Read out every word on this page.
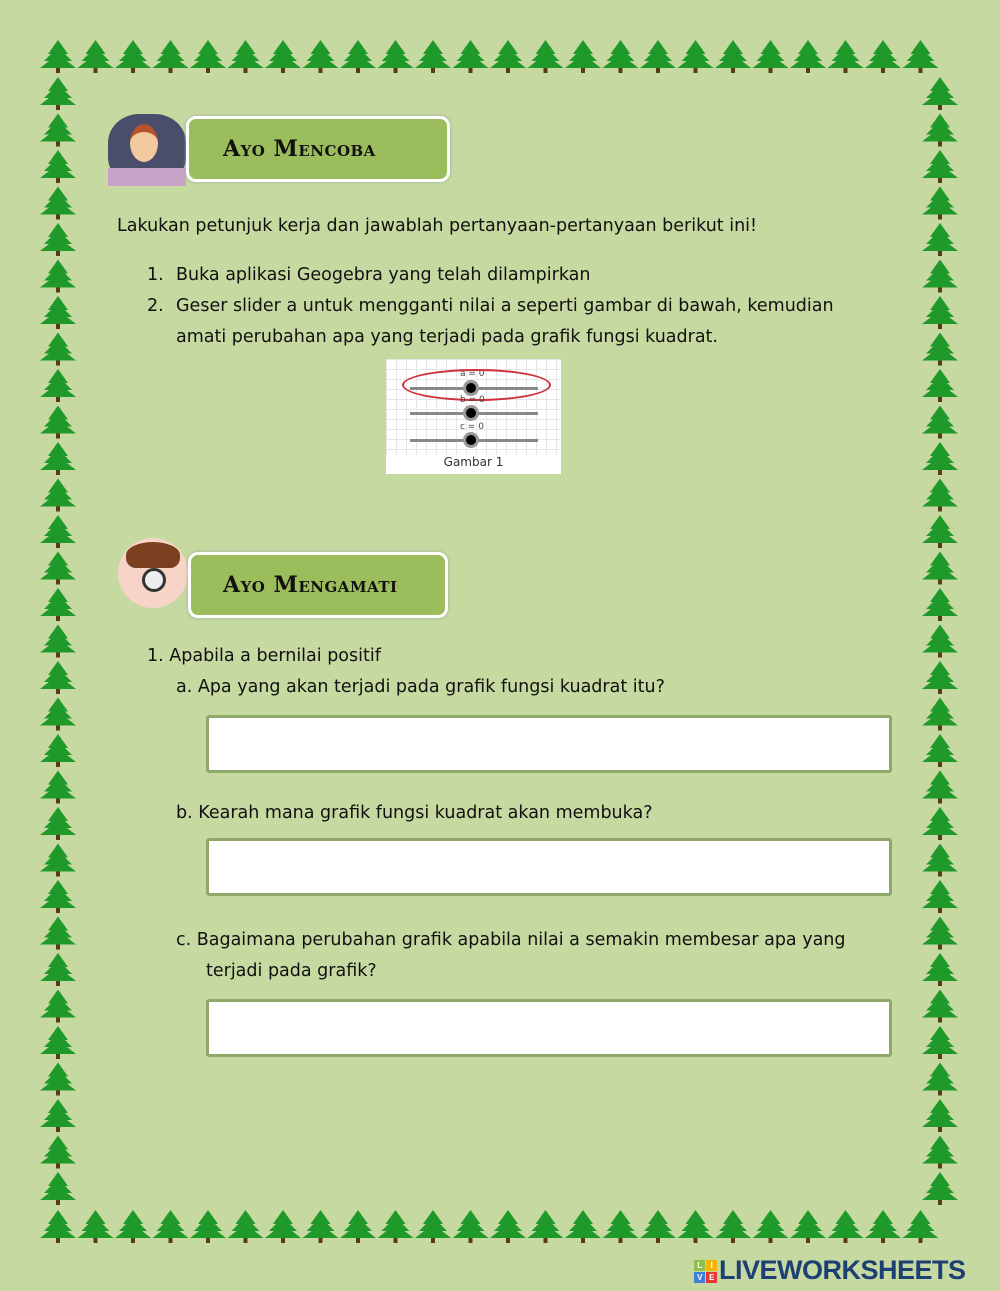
Ayo Mencoba
Lakukan petunjuk kerja dan jawablah pertanyaan-pertanyaan berikut ini!
1. Buka aplikasi Geogebra yang telah dilampirkan
2. Geser slider a untuk mengganti nilai a seperti gambar di bawah, kemudian
amati perubahan apa yang terjadi pada grafik fungsi kuadrat.
a = 0
b = 0
c = 0
Gambar 1
Ayo Mengamati
1. Apabila a bernilai positif
a. Apa yang akan terjadi pada grafik fungsi kuadrat itu?
b. Kearah mana grafik fungsi kuadrat akan membuka?
c. Bagaimana perubahan grafik apabila nilai a semakin membesar apa yang
terjadi pada grafik?
L	I
V E LIVEWORKSHEETS
